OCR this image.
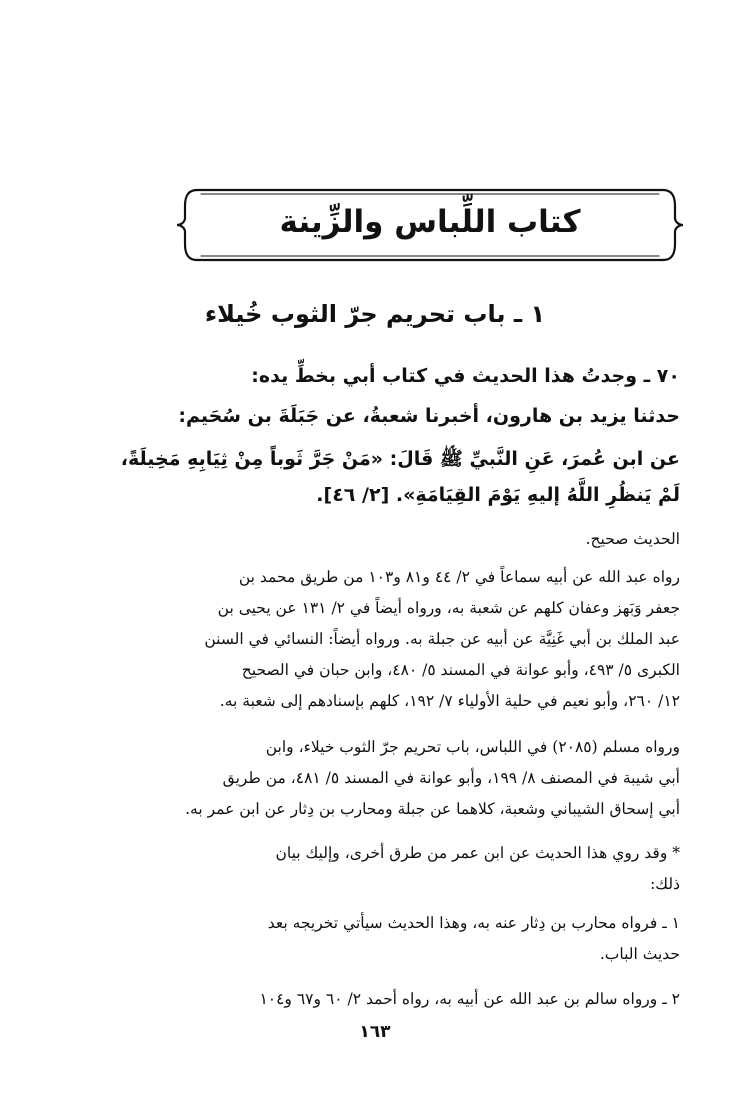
كتاب اللِّباس والزِّينة
١ ـ باب تحريم جرّ الثوب خُيلاء
٧٠ ـ وجدتُ هذا الحديث في كتاب أبي بخطِّ يده:
حدثنا يزيد بن هارون، أخبرنا شعبةُ، عن جَبَلَةَ بن سُحَيم:
عن ابن عُمرَ، عَنِ النَّبيِّ ﷺ قَالَ: «مَنْ جَرَّ ثَوباً مِنْ ثِيَابِهِ مَخِيلَةً،
لَمْ يَنظُرِ اللَّهُ إليهِ يَوْمَ القِيَامَةِ». [٢/ ٤٦].
الحديث صحيح.
رواه عبد الله عن أبيه سماعاً في ٢/ ٤٤ و٨١ و١٠٣ من طريق محمد بن
جعفر وَبَهز وعفان كلهم عن شعبة به، ورواه أيضاً في ٢/ ١٣١ عن يحيى بن
عبد الملك بن أبي غَنِيَّة عن أبيه عن جبلة به. ورواه أيضاً: النسائي في السنن
الكبرى ٥/ ٤٩٣، وأبو عوانة في المسند ٥/ ٤٨٠، وابن حبان في الصحيح
١٢/ ٢٦٠، وأبو نعيم في حلية الأولياء ٧/ ١٩٢، كلهم بإسنادهم إلى شعبة به.
ورواه مسلم (٢٠٨٥) في اللباس، باب تحريم جرّ الثوب خيلاء، وابن
أبي شيبة في المصنف ٨/ ١٩٩، وأبو عوانة في المسند ٥/ ٤٨١، من طريق
أبي إسحاق الشيباني وشعبة، كلاهما عن جبلة ومحارب بن دِثار عن ابن عمر به.
* وقد روي هذا الحديث عن ابن عمر من طرق أخرى، وإليك بيان
ذلك:
١ ـ فرواه محارب بن دِثار عنه به، وهذا الحديث سيأتي تخريجه بعد
حديث الباب.
٢ ـ ورواه سالم بن عبد الله عن أبيه به، رواه أحمد ٢/ ٦٠ و٦٧ و١٠٤
١٦٣
